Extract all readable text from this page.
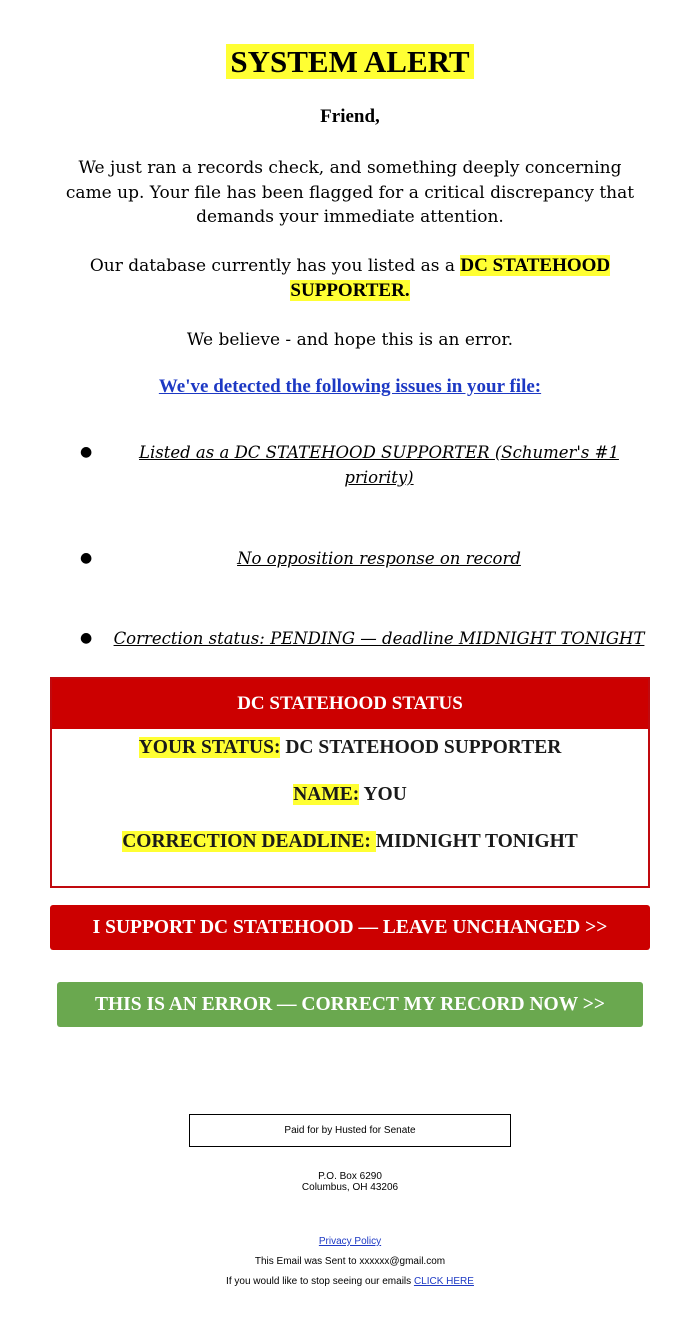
SYSTEM ALERT
Friend,
We just ran a records check, and something deeply concerning came up. Your file has been flagged for a critical discrepancy that demands your immediate attention.
Our database currently has you listed as a DC STATEHOOD SUPPORTER.
We believe - and hope this is an error.
We've detected the following issues in your file:
●	Listed as a DC STATEHOOD SUPPORTER (Schumer's #1 priority)
●	No opposition response on record
●	Correction status: PENDING — deadline MIDNIGHT TONIGHT
DC STATEHOOD STATUS
YOUR STATUS: DC STATEHOOD SUPPORTER
NAME: YOU
CORRECTION DEADLINE: MIDNIGHT TONIGHT
I SUPPORT DC STATEHOOD — LEAVE UNCHANGED >>
THIS IS AN ERROR — CORRECT MY RECORD NOW >>
Paid for by Husted for Senate
P.O. Box 6290
Columbus, OH 43206
Privacy Policy
This Email was Sent to xxxxxx@gmail.com
If you would like to stop seeing our emails CLICK HERE
